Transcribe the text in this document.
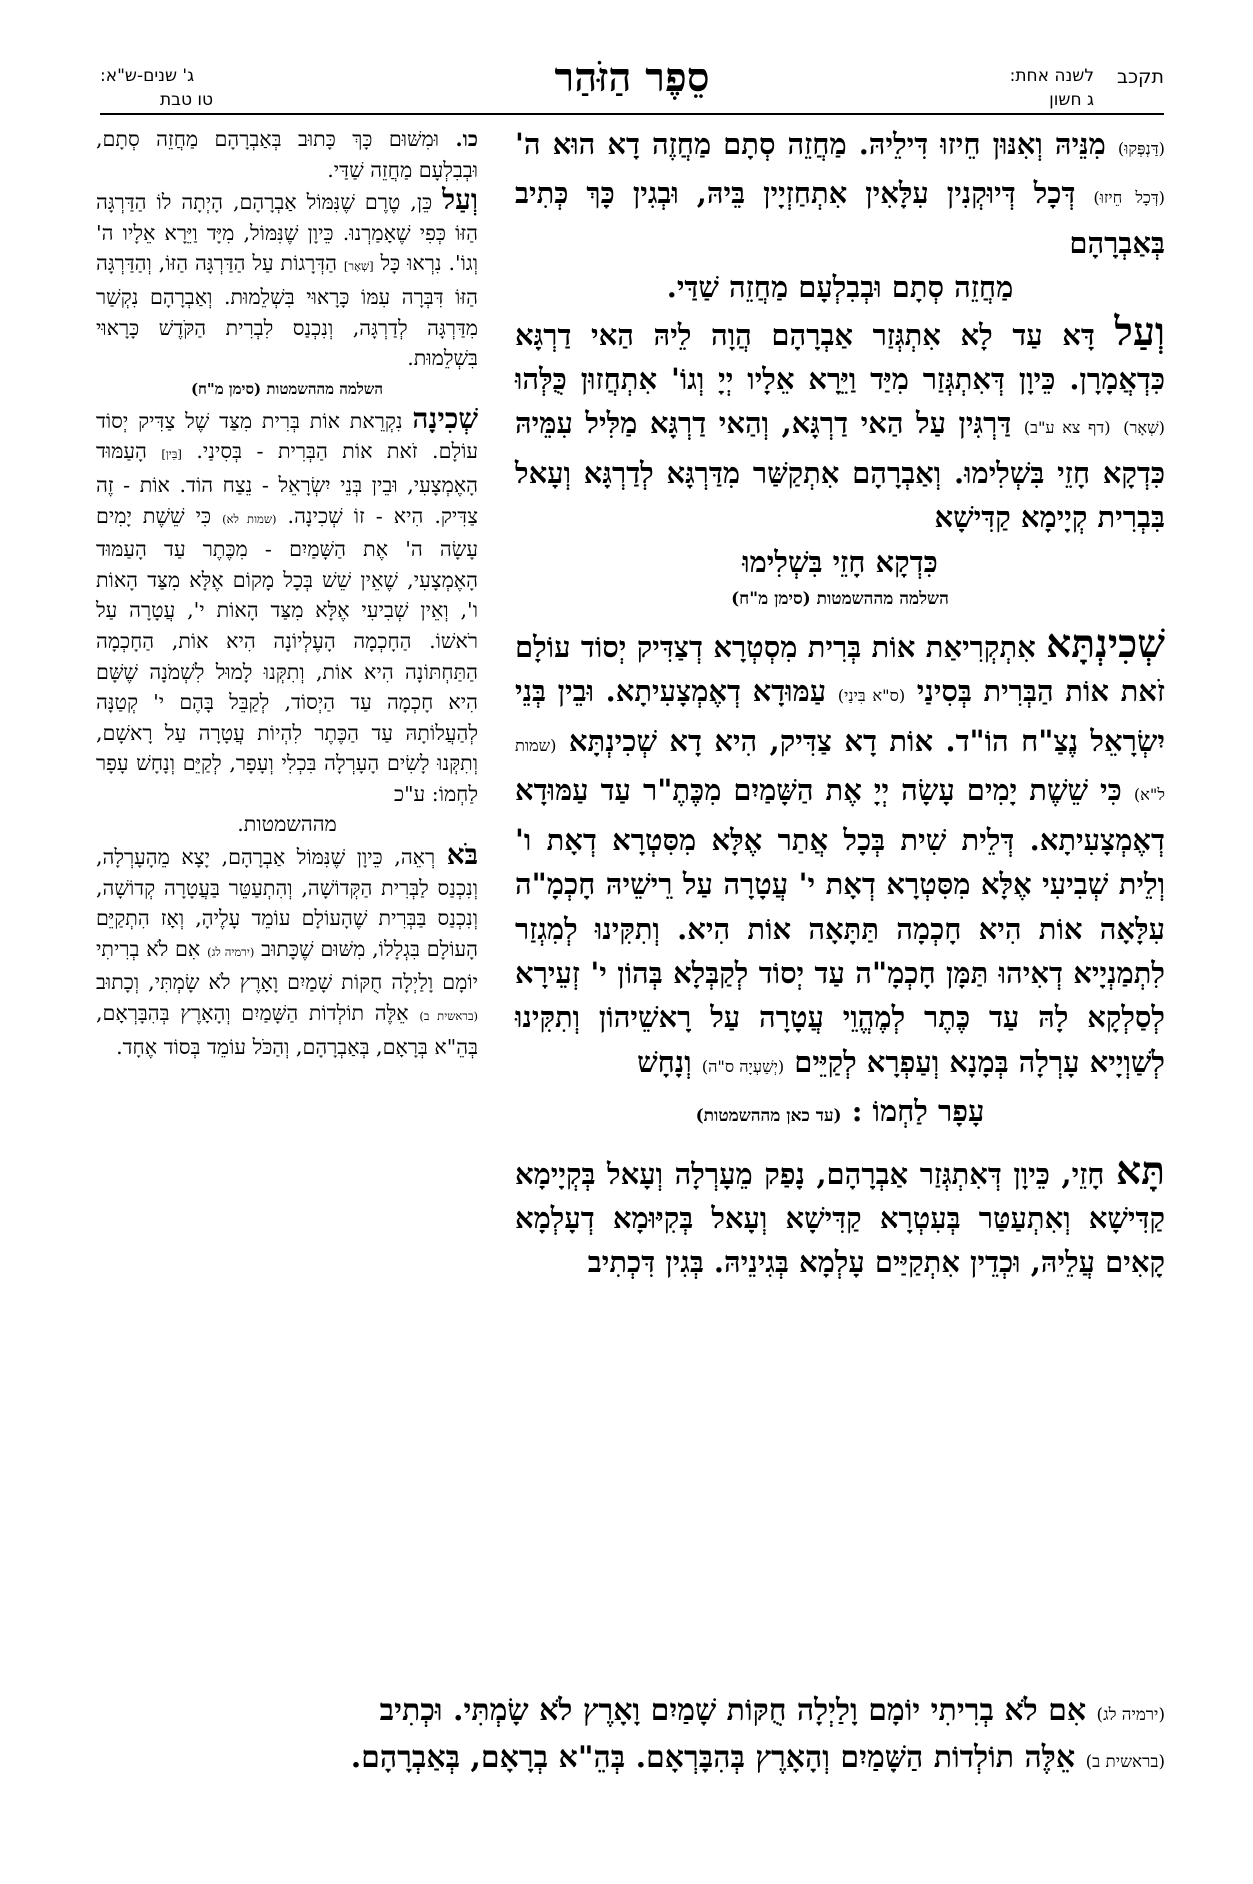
תקכב
לשנה אחת:
ג חשון
סֵפֶר הַזֹּהַר
ג' שנים-ש"א:
טו טבת

(דַּנְפְּקוּ) מִנֵּיהּ וְאִנּוּן חֵיזוּ דִּילֵיהּ. מַחֲזֵה סְתָם מַחֲזֶה דָא הוּא ה' (דְּכָל חֵיזוּ) דְּכָל דְּיוּקְנִין עִלָּאִין אִתְחַזְיָין בֵּיהּ, וּבְגִין כָּךְ כְּתִיב בְּאַבְרָהָם

מַחֲזֵה סְתָם וּבְבִלְעָם מַחֲזֵה שַׁדַּי.

וְעַל דָּא עַד לָא אִתְגְּזַר אַבְרָהָם הֲוָה לֵיהּ הַאי דַרְגָּא כִּדְאֲמָרָן. כֵּיוָן דְּאִתְגְּזַר מִיַּד וַיֵּרָא אֵלָיו יְיָ וְגוֹ' אִתְחֲזוּן כֻּלְּהוּ (שְׁאָר) (דף צא ע"ב) דַּרְגִּין עַל הַאי דַרְגָּא, וְהַאי דַרְגָּא מַלִּיל עִמֵּיהּ כִּדְקָא חָזֵי בִּשְׁלִימוּ. וְאַבְרָהָם אִתְקַשַּׁר מִדַּרְגָּא לְדַרְגָּא וְעָאל בִּבְרִית קְיָימָא קַדִּישָׁא

כִּדְקָא חָזֵי בִּשְׁלִימוּ

השלמה מההשמטות (סימן מ"ח)

שְׁכִינְתָּא אִתְקְרִיאַת אוֹת בְּרִית מִסְטְרָא דְצַדִּיק יְסוֹד עוֹלָם זֹאת אוֹת הַבְּרִית בְּסִינַי (ס"א בִּינַי) עַמּוּדָא דְאֶמְצָעִיתָא. וּבֵין בְּנֵי יִשְׂרָאֵל נֶצַ"ח הוֹ"ד. אוֹת דָא צַדִּיק, הִיא דָא שְׁכִינְתָּא (שמות ל"א) כִּי שֵׁשֶׁת יָמִים עָשָׂה יְיָ אֶת הַשָּׁמַיִם מִכֶּתֶ"ר עַד עַמּוּדָא דְאֶמְצָעִיתָא. דְּלֵית שִׁית בְּכָל אֲתַר אֶלָּא מִסִּטְרָא דְאָת ו' וְלֵית שְׁבִיעִי אֶלָּא מִסִּטְרָא דְאָת י' עֲטָרָה עַל רֵישֵׁיהּ חָכְמָ"ה עִלָּאָה אוֹת הִיא חָכְמָה תַּתָּאָה אוֹת הִיא. וְתִקִּינוּ לְמִגְזַר לִתְמַנְיָיא דְאִיהוּ תַּמָּן חָכְמָ"ה עַד יְסוֹד לְקַבְּלָא בְּהוֹן י' זְעֵירָא לְסַלְקָא לָהּ עַד כֶּתֶר לְמֶהֱוֵי עֲטָרָה עַל רָאשֵׁיהוֹן וְתִקִּינוּ לְשַׁוְיָיא עָרְלָה בְּמָנָא וְעַפְרָא לְקַיֵּים (יְשַׁעְיָה ס"ה) וְנָחָשׁ

עָפָר לַחְמוֹ : (עד כאן מההשמטות)

תָּא חָזֵי, כֵּיוָן דְּאִתְגְּזַר אַבְרָהָם, נָפַק מֵעָרְלָה וְעָאל בְּקְיָימָא קַדִּישָׁא וְאִתְעַטַּר בְּעִטְרָא קַדִּישָׁא וְעָאל בְּקִיּוּמָא דְעָלְמָא קָאִים עֲלֵיהּ, וּכְדֵין אִתְקַיַּים עָלְמָא בְּגִינֵיהּ. בְּגִין דִּכְתִיב

כו. וּמִשּׁוּם כָּךְ כָּתוּב בְּאַבְרָהָם מַחֲזֵה סְתָם, וּבְבִלְעָם מַחֲזֵה שַׁדַּי.

וְעַל כֵּן, טֶרֶם שֶׁנִּמּוֹל אַבְרָהָם, הָיְתָה לוֹ הַדַּרְגָּה הַזּוֹ כְּפִי שֶׁאָמַרְנוּ. כֵּיוָן שֶׁנִּמּוֹל, מִיָּד וַיֵּרָא אֵלָיו ה' וְגוֹ'. נִרְאוּ כָּל [שְׁאָר] הַדְּרָגוֹת עַל הַדַּרְגָּה הַזּוֹ, וְהַדַּרְגָּה הַזּוֹ דִּבְּרָה עִמּוֹ כָּרָאוּי בִּשְׁלֵמוּת. וְאַבְרָהָם נִקְשַׁר מִדַּרְגָּה לְדַרְגָּה, וְנִכְנַס לִבְרִית הַקֹּדֶשׁ כָּרָאוּי בִּשְׁלֵמוּת.

השלמה מההשמטות (סימן מ"ח)

שְׁכִינָה נִקְרֵאת אוֹת בְּרִית מִצַּד שֶׁל צַדִּיק יְסוֹד עוֹלָם. זֹאת אוֹת הַבְּרִית - בְּסִינַי. [בֵּין] הָעַמּוּד הָאֶמְצָעִי, וּבֵין בְּנֵי יִשְׂרָאֵל - נֵצַח הוֹד. אוֹת - זֶה צַדִּיק. הִיא - זוֹ שְׁכִינָה. (שמות לא) כִּי שֵׁשֶׁת יָמִים עָשָׂה ה' אֶת הַשָּׁמַיִם - מִכֶּתֶר עַד הָעַמּוּד הָאֶמְצָעִי, שֶׁאֵין שֵׁשׁ בְּכָל מָקוֹם אֶלָּא מִצַּד הָאוֹת ו', וְאֵין שְׁבִיעִי אֶלָּא מִצַּד הָאוֹת י', עֲטָרָה עַל רֹאשׁוֹ. הַחָכְמָה הָעֶלְיוֹנָה הִיא אוֹת, הַחָכְמָה הַתַּחְתּוֹנָה הִיא אוֹת, וְתִקְּנוּ לָמוּל לִשְׁמֹנָה שֶׁשָּׁם הִיא חָכְמָה עַד הַיְסוֹד, לְקַבֵּל בָּהֶם י' קְטַנָּה לְהַעֲלוֹתָהּ עַד הַכֶּתֶר לִהְיוֹת עֲטָרָה עַל רָאשָׁם, וְתִקְּנוּ לָשִׂים הָעָרְלָה בִּכְלִי וְעָפָר, לְקַיֵּם וְנָחָשׁ עָפָר לַחְמוֹ: ע"כ

מההשמטות.

בֹּא רְאֵה, כֵּיוָן שֶׁנִּמּוֹל אַבְרָהָם, יָצָא מֵהָעָרְלָה, וְנִכְנַס לַבְּרִית הַקְּדוֹשָׁה, וְהִתְעַטֵּר בַּעֲטָרָה קְדוֹשָׁה, וְנִכְנַס בַּבְּרִית שֶׁהָעוֹלָם עוֹמֵד עָלֶיהָ, וְאָז הִתְקַיֵּם הָעוֹלָם בִּגְלָלוֹ, מִשּׁוּם שֶׁכָּתוּב (ירמיה לג) אִם לֹא בְרִיתִי יוֹמָם וָלַיְלָה חֻקּוֹת שָׁמַיִם וָאָרֶץ לֹא שָׂמְתִּי, וְכָתוּב (בראשית ב) אֵלֶּה תוֹלְדוֹת הַשָּׁמַיִם וְהָאָרֶץ בְּהִבָּרְאָם, בְּהֵ"א בְּרָאָם, בְּאַבְרָהָם, וְהַכֹּל עוֹמֵד בְּסוֹד אֶחָד.

(ירמיה לג) אִם לֹא בְרִיתִי יוֹמָם וָלַיְלָה חֻקּוֹת שָׁמַיִם וָאָרֶץ לֹא שָׂמְתִּי. וּכְתִיב

(בראשית ב) אֵלֶּה תוֹלְדוֹת הַשָּׁמַיִם וְהָאָרֶץ בְּהִבָּרְאָם. בְּהֵ"א בְרָאָם, בְּאַבְרָהָם.
